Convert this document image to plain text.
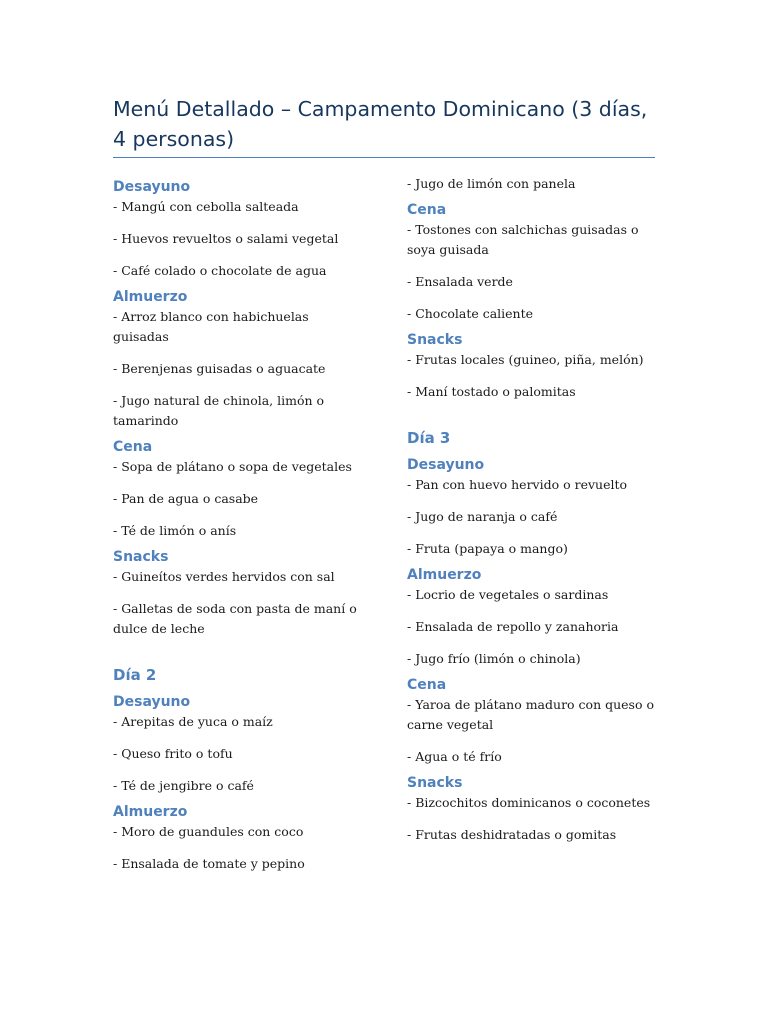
Menú Detallado – Campamento Dominicano (3 días, 4 personas)
Desayuno

- Mangú con cebolla salteada

- Huevos revueltos o salami vegetal

- Café colado o chocolate de agua

Almuerzo

- Arroz blanco con habichuelas guisadas

- Berenjenas guisadas o aguacate

- Jugo natural de chinola, limón o tamarindo

Cena

- Sopa de plátano o sopa de vegetales

- Pan de agua o casabe

- Té de limón o anís

Snacks

- Guineítos verdes hervidos con sal

- Galletas de soda con pasta de maní o dulce de leche

Día 2
Desayuno

- Arepitas de yuca o maíz

- Queso frito o tofu

- Té de jengibre o café

Almuerzo

- Moro de guandules con coco

- Ensalada de tomate y pepino

- Jugo de limón con panela

Cena

- Tostones con salchichas guisadas o soya guisada

- Ensalada verde

- Chocolate caliente

Snacks

- Frutas locales (guineo, piña, melón)

- Maní tostado o palomitas

Día 3
Desayuno

- Pan con huevo hervido o revuelto

- Jugo de naranja o café

- Fruta (papaya o mango)

Almuerzo

- Locrio de vegetales o sardinas

- Ensalada de repollo y zanahoria

- Jugo frío (limón o chinola)

Cena

- Yaroa de plátano maduro con queso o carne vegetal

- Agua o té frío

Snacks

- Bizcochitos dominicanos o coconetes

- Frutas deshidratadas o gomitas
